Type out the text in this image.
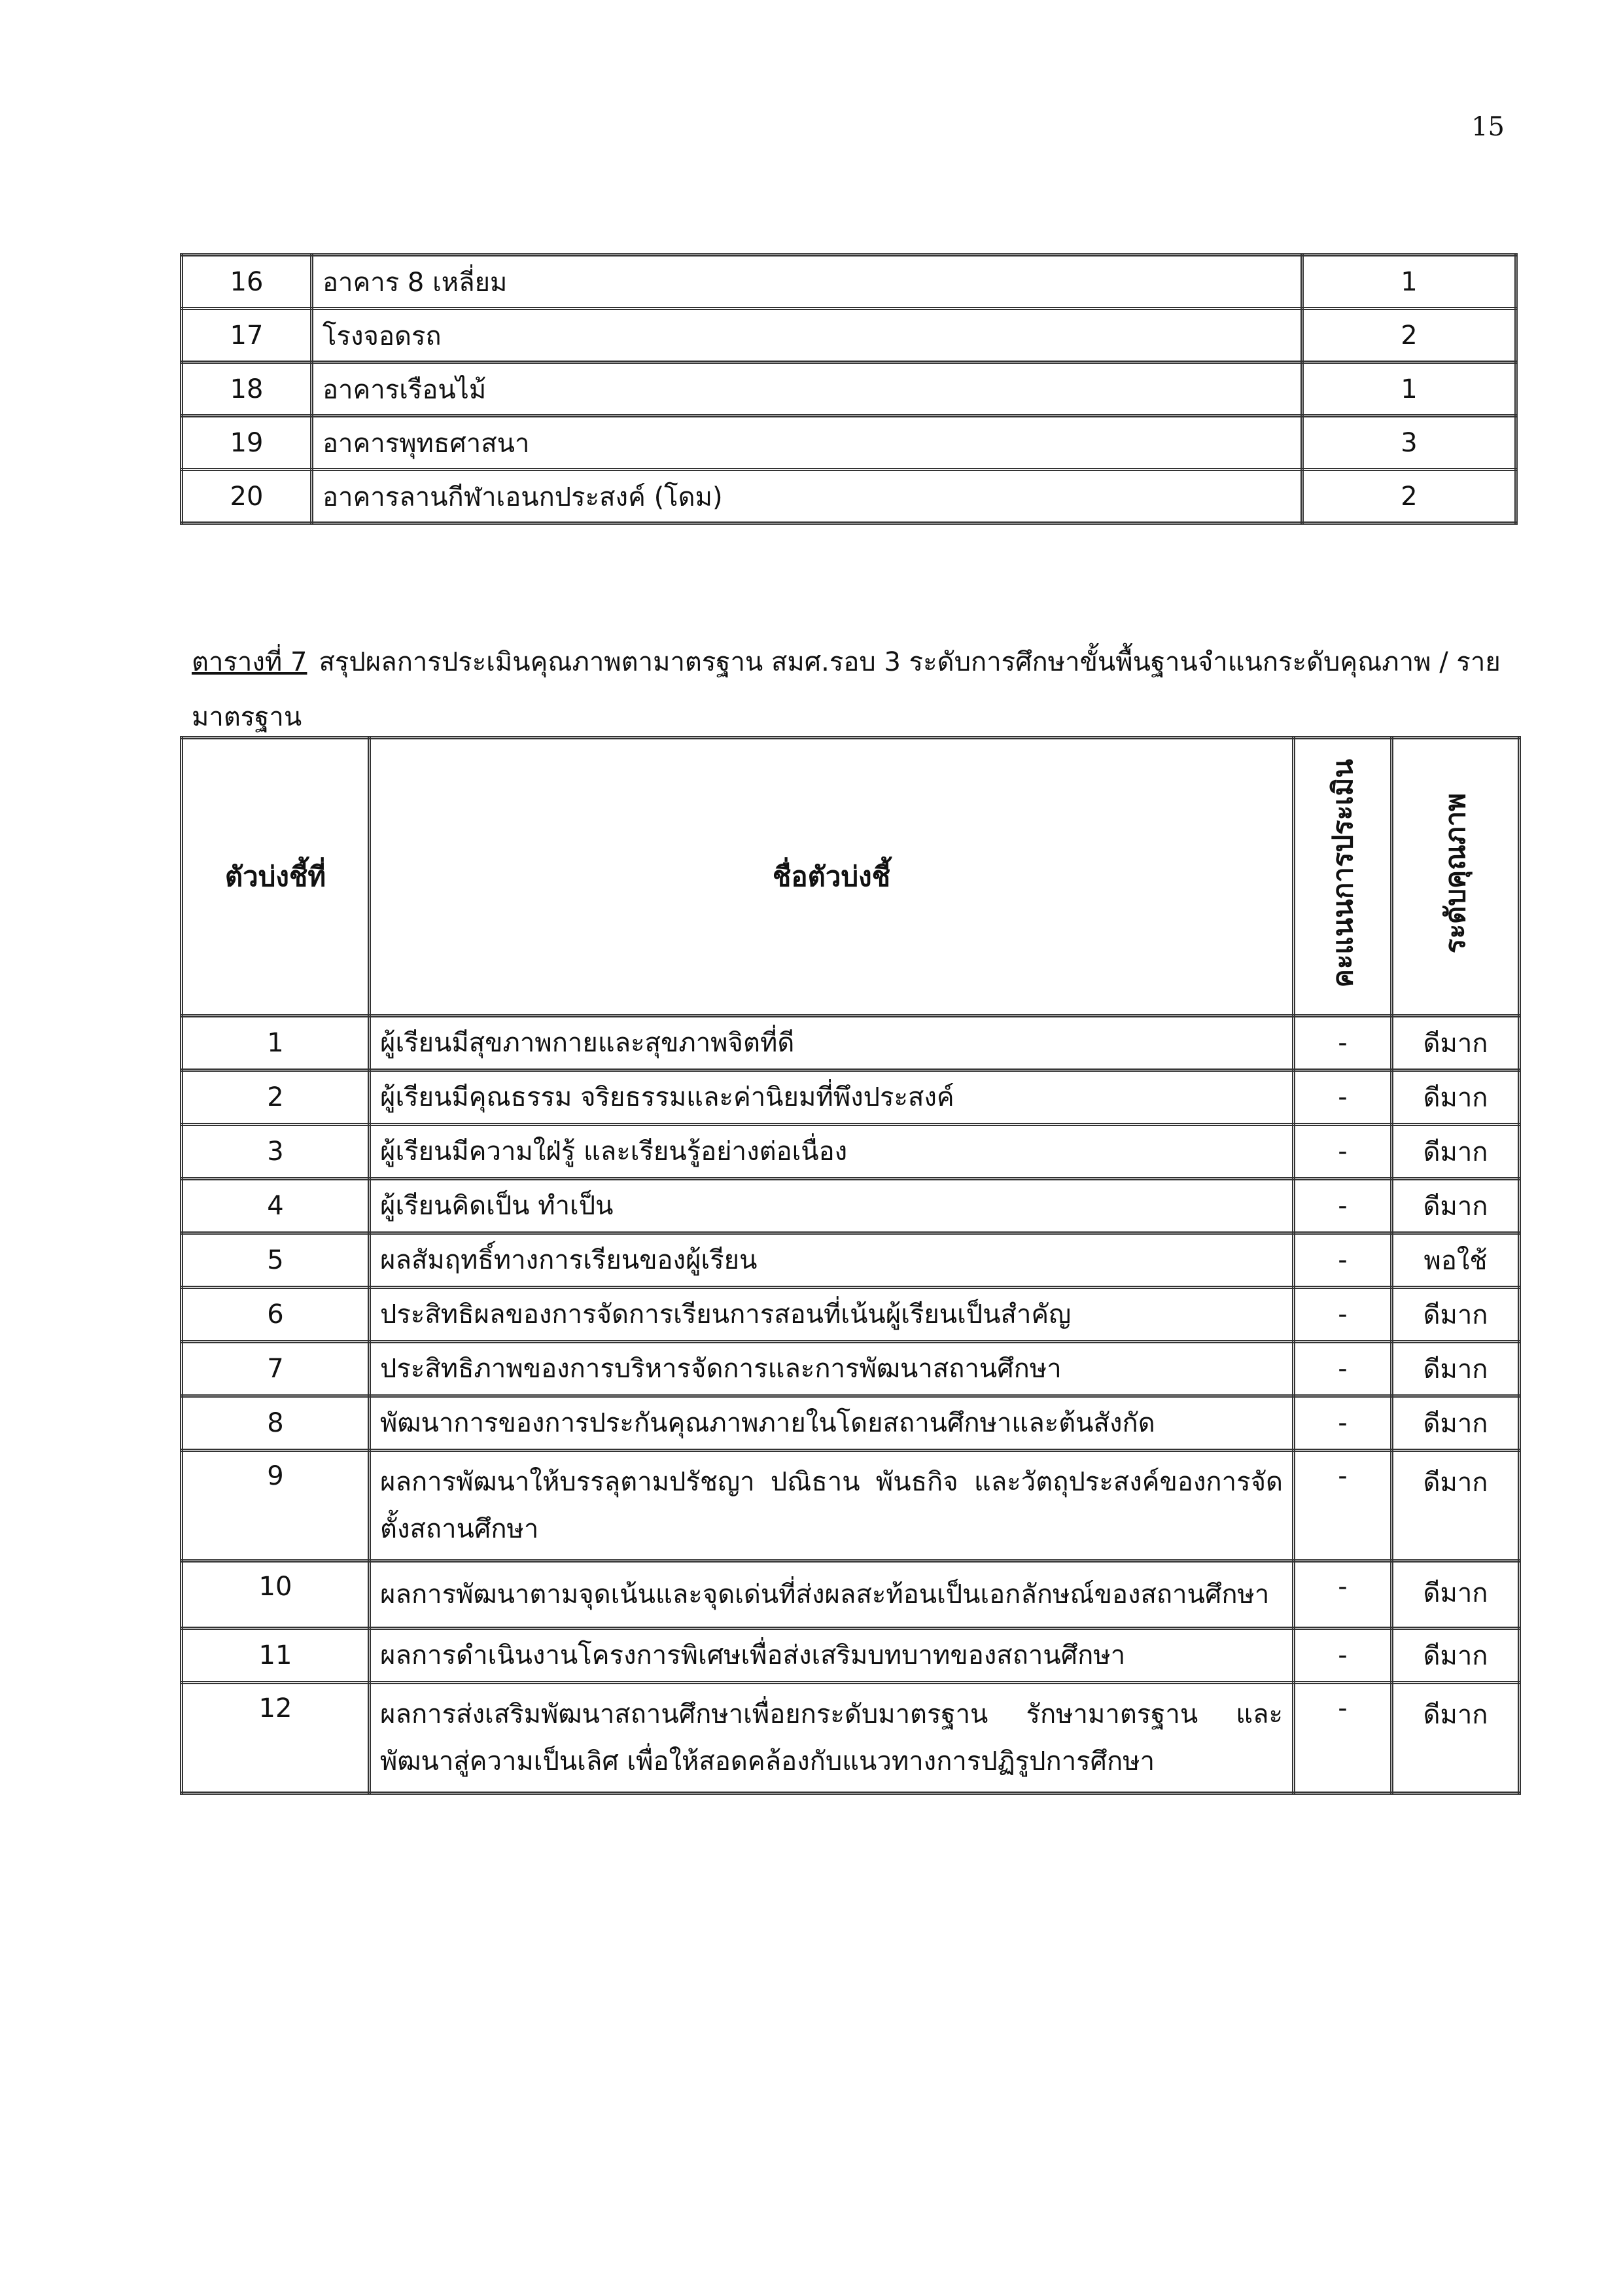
15
16	อาคาร 8 เหลี่ยม	1
17	โรงจอดรถ	2
18	อาคารเรือนไม้	1
19	อาคารพุทธศาสนา	3
20	อาคารลานกีฬาเอนกประสงค์ (โดม)	2
ตารางที่ 7 สรุปผลการประเมินคุณภาพตามาตรฐาน สมศ.รอบ 3 ระดับการศึกษาขั้นพื้นฐานจำแนกระดับคุณภาพ / รายมาตรฐาน
ตัวบ่งชี้ที่	ชื่อตัวบ่งชี้	คะแนนการประเมิน	ระดับคุณภาพ
1	ผู้เรียนมีสุขภาพกายและสุขภาพจิตที่ดี	-	ดีมาก
2	ผู้เรียนมีคุณธรรม จริยธรรมและค่านิยมที่พึงประสงค์	-	ดีมาก
3	ผู้เรียนมีความใฝ่รู้ และเรียนรู้อย่างต่อเนื่อง	-	ดีมาก
4	ผู้เรียนคิดเป็น ทำเป็น	-	ดีมาก
5	ผลสัมฤทธิ์ทางการเรียนของผู้เรียน	-	พอใช้
6	ประสิทธิผลของการจัดการเรียนการสอนที่เน้นผู้เรียนเป็นสำคัญ	-	ดีมาก
7	ประสิทธิภาพของการบริหารจัดการและการพัฒนาสถานศึกษา	-	ดีมาก
8	พัฒนาการของการประกันคุณภาพภายในโดยสถานศึกษาและต้นสังกัด	-	ดีมาก
9	ผลการพัฒนาให้บรรลุตามปรัชญา ปณิธาน พันธกิจ และวัตถุประสงค์ของการจัดตั้งสถานศึกษา	-	ดีมาก
10	ผลการพัฒนาตามจุดเน้นและจุดเด่นที่ส่งผลสะท้อนเป็นเอกลักษณ์ของสถานศึกษา	-	ดีมาก
11	ผลการดำเนินงานโครงการพิเศษเพื่อส่งเสริมบทบาทของสถานศึกษา	-	ดีมาก
12	ผลการส่งเสริมพัฒนาสถานศึกษาเพื่อยกระดับมาตรฐาน รักษามาตรฐาน และพัฒนาสู่ความเป็นเลิศ เพื่อให้สอดคล้องกับแนวทางการปฏิรูปการศึกษา	-	ดีมาก
